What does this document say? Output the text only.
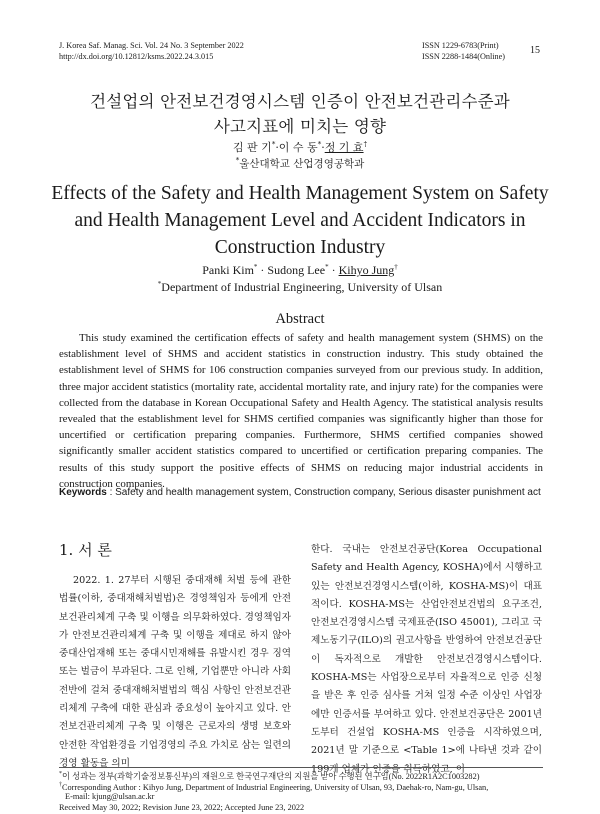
J. Korea Saf. Manag. Sci. Vol. 24 No. 3 September 2022
http://dx.doi.org/10.12812/ksms.2022.24.3.015
ISSN 1229-6783(Print)
ISSN 2288-1484(Online)
15
건설업의 안전보건경영시스템 인증이 안전보건관리수준과
사고지표에 미치는 영향
김 판 기*·이 수 동*·정 기 효†
*울산대학교 산업경영공학과
Effects of the Safety and Health Management System on Safety
and Health Management Level and Accident Indicators in
Construction Industry
Panki Kim* · Sudong Lee* · Kihyo Jung†
*Department of Industrial Engineering, University of Ulsan
Abstract

This study examined the certification effects of safety and health management system (SHMS) on the establishment level of SHMS and accident statistics in construction industry. This study obtained the establishment level of SHMS for 106 construction companies surveyed from our previous study. In addition, three major accident statistics (mortality rate, accidental mortality rate, and injury rate) for the companies were collected from the database in Korean Occupational Safety and Health Agency. The statistical analysis results revealed that the establishment level for SHMS certified companies was significantly higher than those for uncertified or certification preparing companies. Furthermore, SHMS certified companies showed significantly smaller accident statistics compared to uncertified or certification preparing companies. The results of this study support the positive effects of SHMS on reducing major industrial accidents in construction companies.

Keywords : Safety and health management system, Construction company, Serious disaster punishment act
1. 서 론

2022. 1. 27부터 시행된 중대재해 처벌 등에 관한 법률(이하, 중대재해처벌법)은 경영책임자 등에게 안전보건관리체계 구축 및 이행을 의무화하였다. 경영책임자가 안전보건관리체계 구축 및 이행을 제대로 하지 않아 중대산업재해 또는 중대시민재해를 유발시킨 경우 징역 또는 벌금이 부과된다. 그로 인해, 기업뿐만 아니라 사회 전반에 걸쳐 중대재해처벌법의 핵심 사항인 안전보건관리체계 구축에 대한 관심과 중요성이 높아지고 있다. 안전보건관리체계 구축 및 이행은 근로자의 생명 보호와 안전한 작업환경을 기업경영의 주요 가치로 삼는 일련의 경영 활동을 의미

한다. 국내는 안전보건공단(Korea Occupational Safety and Health Agency, KOSHA)에서 시행하고 있는 안전보건경영시스템(이하, KOSHA-MS)이 대표적이다. KOSHA-MS는 산업안전보건법의 요구조건, 안전보건경영시스템 국제표준(ISO 45001), 그리고 국제노동기구(ILO)의 권고사항을 반영하여 안전보건공단이 독자적으로 개발한 안전보건경영시스템이다. KOSHA-MS는 사업장으로부터 자율적으로 인증 신청을 받은 후 인증 심사를 거쳐 일정 수준 이상인 사업장에만 인증서를 부여하고 있다. 안전보건공단은 2001년도부터 건설업 KOSHA-MS 인증을 시작하였으며, 2021년 말 기준으로 <Table 1>에 나타낸 것과 같이 199개 업체가 인증을 취득하였고, 이

*이 성과는 정부(과학기술정보통신부)의 재원으로 한국연구재단의 지원을 받아 수행된 연구임(No. 2022R1A2C1003282)
†Corresponding Author : Kihyo Jung, Department of Industrial Engineering, University of Ulsan, 93, Daehak-ro, Nam-gu, Ulsan,
E-mail: kjung@ulsan.ac.kr
Received May 30, 2022; Revision June 23, 2022; Accepted June 23, 2022
